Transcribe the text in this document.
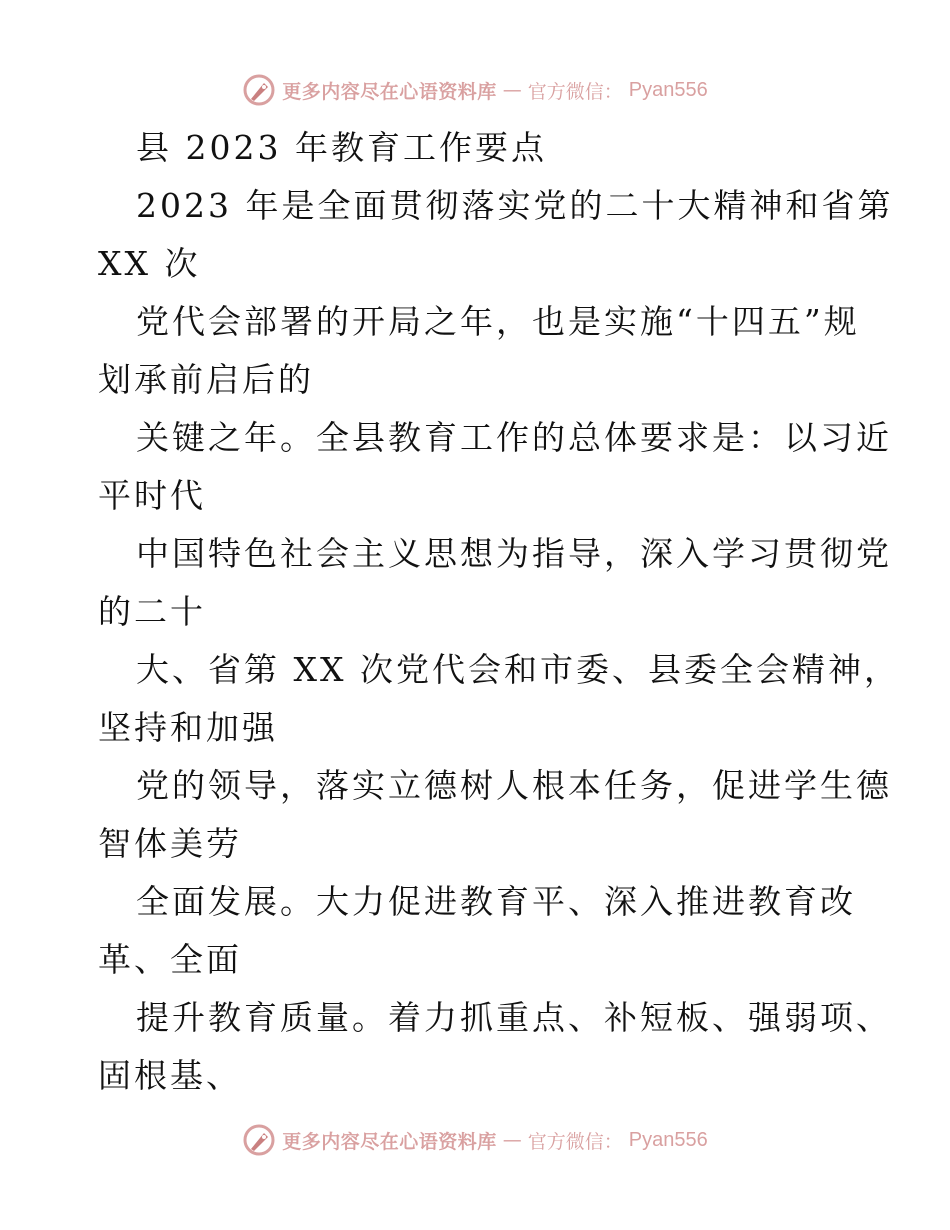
更多内容尽在心语资料库 — 官方微信： Pyan556
县 2023 年教育工作要点
2023 年是全面贯彻落实党的二十大精神和省第
XX 次
党代会部署的开局之年，也是实施“十四五”规
划承前启后的
关键之年。全县教育工作的总体要求是：以习近
平时代
中国特色社会主义思想为指导，深入学习贯彻党
的二十
大、省第 XX 次党代会和市委、县委全会精神，
坚持和加强
党的领导，落实立德树人根本任务，促进学生德
智体美劳
全面发展。大力促进教育平、深入推进教育改
革、全面
提升教育质量。着力抓重点、补短板、强弱项、
固根基、
更多内容尽在心语资料库 — 官方微信： Pyan556
